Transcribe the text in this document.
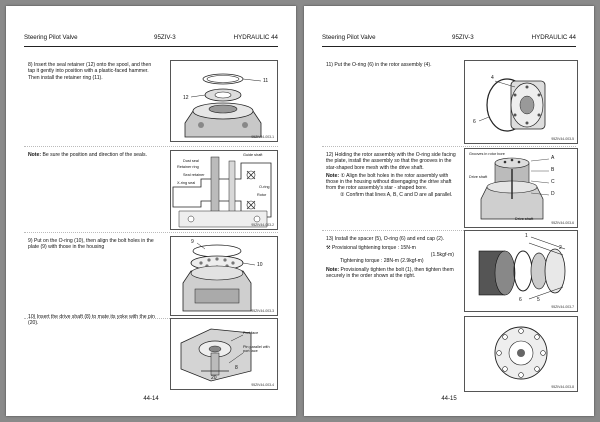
Steering Pilot Valve	95ZIV-3	HYDRAULIC 44

8) Insert the seal retainer (12) onto the spool, and then tap it gently into position with a plastic-faced hammer. Then install the retainer ring (11).

11
12
95ZIV44-003-1

Note: Be sure the position and direction of the seals.

Dust seal
Retainer ring
Seal retainer
X-ring seal
O-ring
Guide shaft
Rotor
95ZIV44-003-2

9) Put on the O-ring (10), then align the bolt holes in the plate (9) with those in the housing

9
10
95ZIV44-003-3

10) Insert the drive shaft (8) to mate its yoke with the pin (20).

Port face
Pin parallel with port face
8
20
95ZIV44-003-4
44-14
Steering Pilot Valve	95ZIV-3	HYDRAULIC 44

11) Put the O-ring (6) in the rotor assembly (4).

4
6
95ZIV44-003-5

12) Holding the rotor assembly with the O-ring side facing the plate, install the assembly so that the grooves in the star-shaped bore mesh with the drive shaft.

Note: ① Align the bolt holes in the rotor assembly with those in the housing without disengaging the drive shaft from the rotor assembly's star - shaped bore.

② Confirm that lines A, B, C and D are all parallel.

Grooves in rotor bore
Drive shaft
A
B
C
D
Drive shaft
95ZIV44-003-6

13) Install the spacer (5), O-ring (6) and end cap (2).

⚒ Provisional tightening torque : 15N-m

(1.5kgf-m)

Tightening torque : 28N-m (2.9kgf-m)

Note: Provisionally tighten the bolt (1), then tighten them securely in the order shown at the right.

1
2
5
6
95ZIV44-003-7
95ZIV44-003-8
44-15
